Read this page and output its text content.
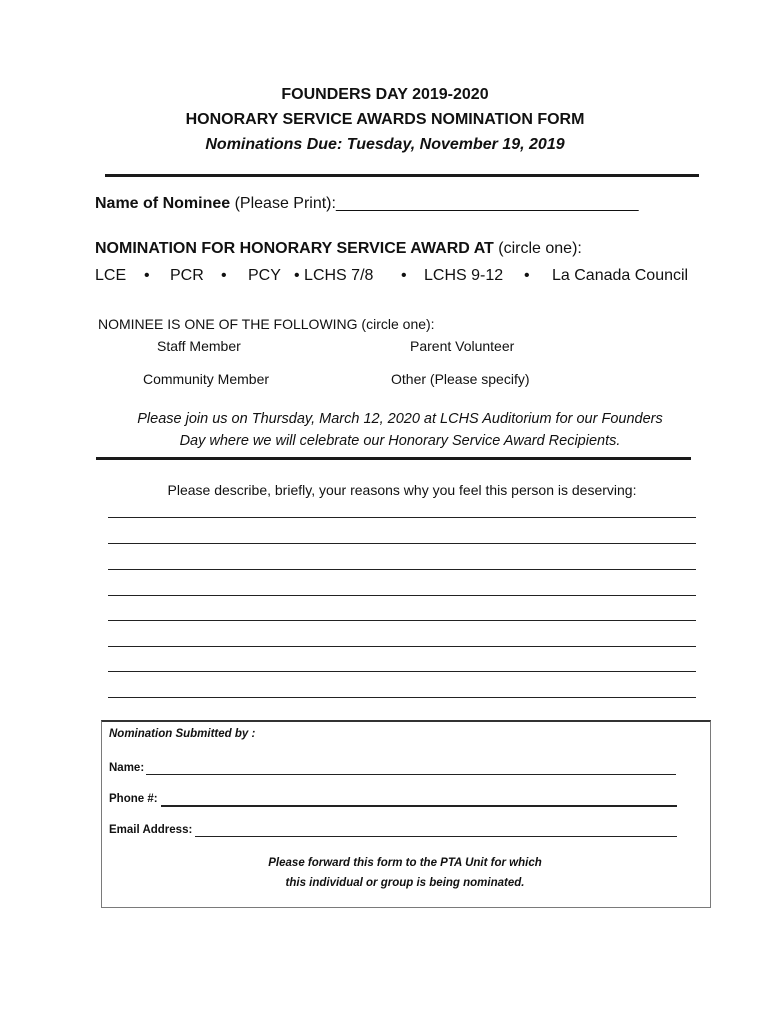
FOUNDERS DAY 2019-2020
HONORARY SERVICE AWARDS NOMINATION FORM
Nominations Due: Tuesday, November 19, 2019
Name of Nominee (Please Print):__________________________________
NOMINATION FOR HONORARY SERVICE AWARD AT (circle one):
LCE • PCR • PCY • LCHS 7/8 • LCHS 9-12 • La Canada Council
NOMINEE IS ONE OF THE FOLLOWING (circle one):
Staff Member	Parent Volunteer
Community Member	Other (Please specify)
Please join us on Thursday, March 12, 2020 at LCHS Auditorium for our Founders
Day where we will celebrate our Honorary Service Award Recipients.
Please describe, briefly, your reasons why you feel this person is deserving:
Nomination Submitted by :
Name:
Phone #:
Email Address:
Please forward this form to the PTA Unit for which
this individual or group is being nominated.
